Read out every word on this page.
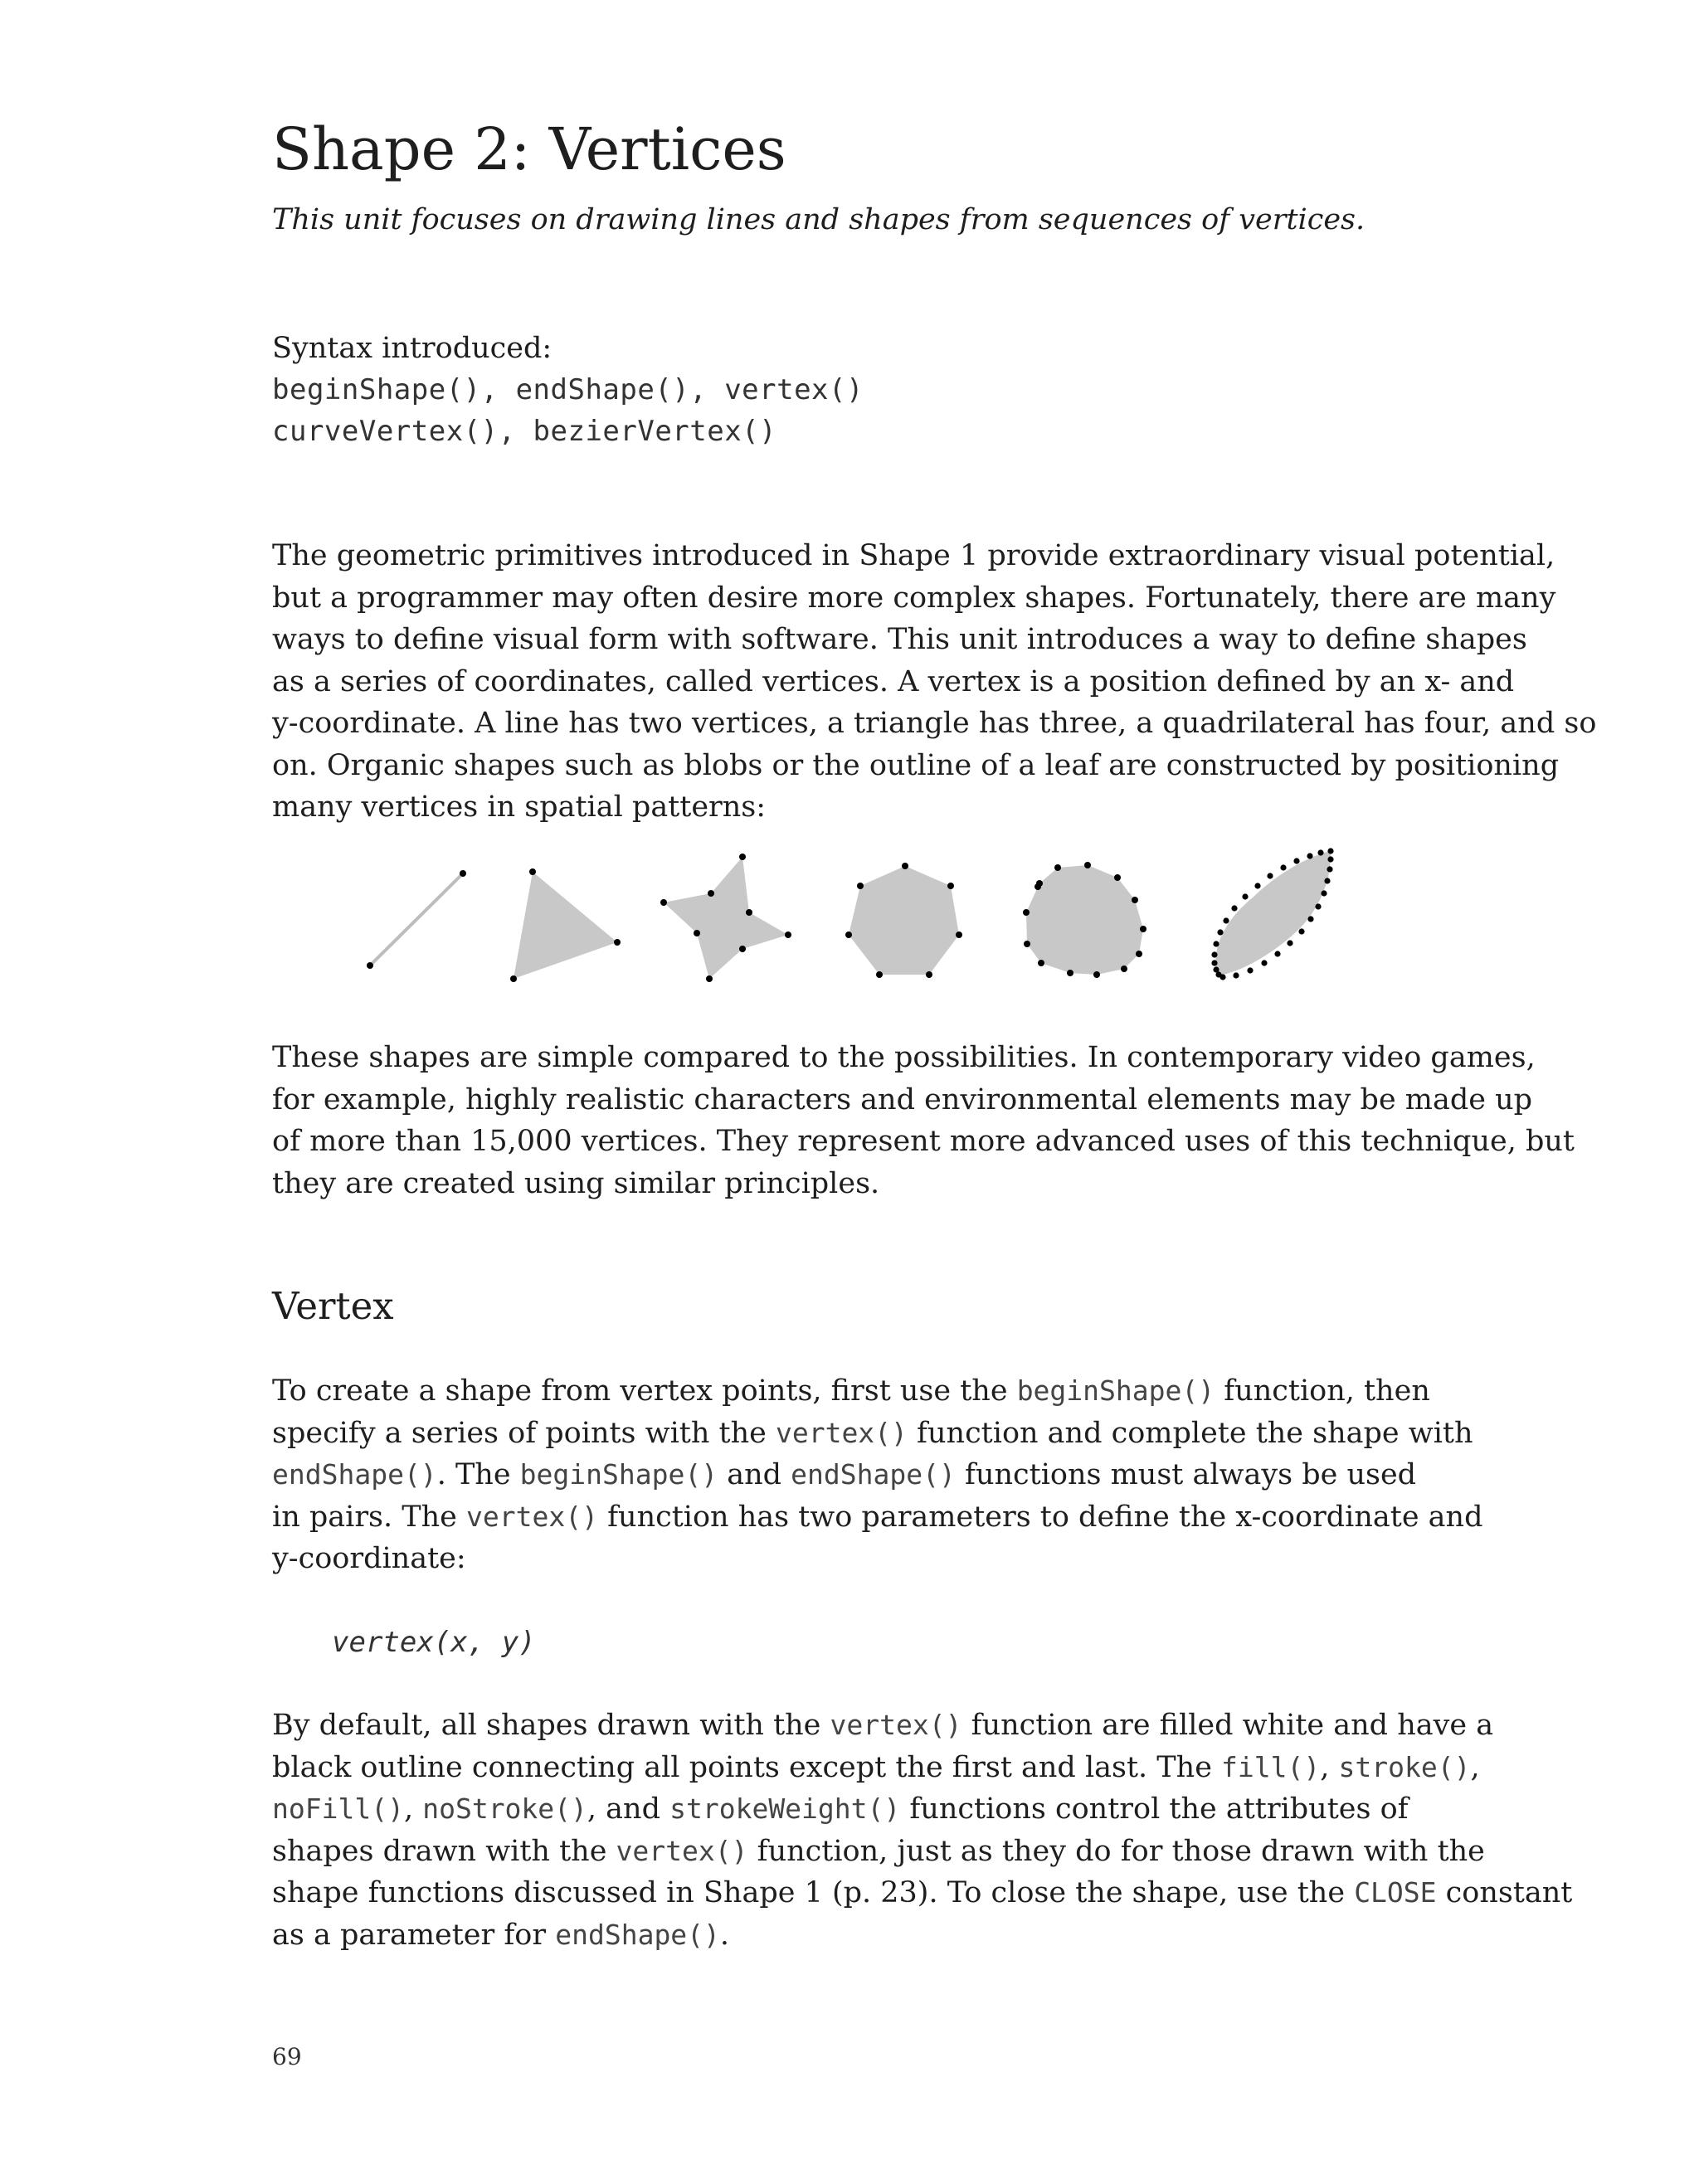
Shape 2: Vertices

This unit focuses on drawing lines and shapes from sequences of vertices.

Syntax introduced:
beginShape(), endShape(), vertex()
curveVertex(), bezierVertex()

The geometric primitives introduced in Shape 1 provide extraordinary visual potential,
but a programmer may often desire more complex shapes. Fortunately, there are many
ways to define visual form with software. This unit introduces a way to define shapes
as a series of coordinates, called vertices. A vertex is a position defined by an x- and
y-coordinate. A line has two vertices, a triangle has three, a quadrilateral has four, and so
on. Organic shapes such as blobs or the outline of a leaf are constructed by positioning
many vertices in spatial patterns:

These shapes are simple compared to the possibilities. In contemporary video games,
for example, highly realistic characters and environmental elements may be made up
of more than 15,000 vertices. They represent more advanced uses of this technique, but
they are created using similar principles.

Vertex

To create a shape from vertex points, first use the beginShape() function, then
specify a series of points with the vertex() function and complete the shape with
endShape(). The beginShape() and endShape() functions must always be used
in pairs. The vertex() function has two parameters to define the x-coordinate and
y-coordinate:

vertex(x, y)

By default, all shapes drawn with the vertex() function are filled white and have a
black outline connecting all points except the first and last. The fill(), stroke(),
noFill(), noStroke(), and strokeWeight() functions control the attributes of
shapes drawn with the vertex() function, just as they do for those drawn with the
shape functions discussed in Shape 1 (p. 23). To close the shape, use the CLOSE constant
as a parameter for endShape().

69
